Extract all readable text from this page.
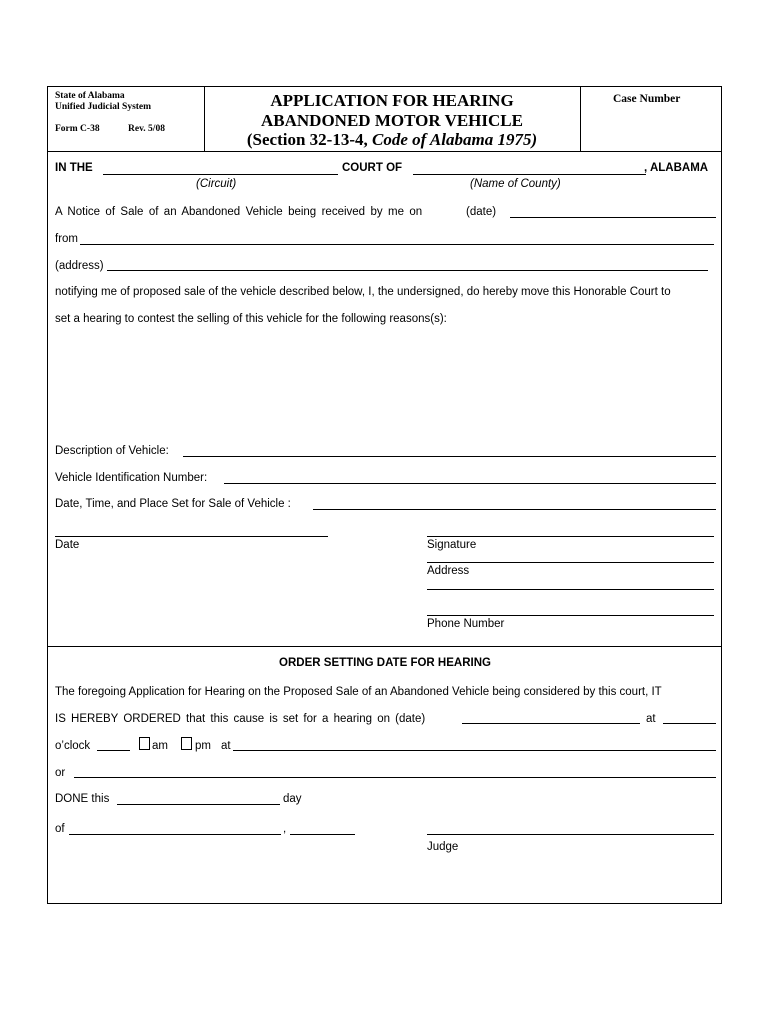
State of Alabama
Unified Judicial System
Form C-38	Rev. 5/08
APPLICATION FOR HEARING
ABANDONED MOTOR VEHICLE
(Section 32-13-4, Code of Alabama 1975)
Case Number
IN THE	COURT OF	, ALABAMA
(Circuit)	(Name of County)
A Notice of Sale of an Abandoned Vehicle being received by me on	(date)
from
(address)
notifying me of proposed sale of the vehicle described below, I, the undersigned, do hereby move this Honorable Court to
set a hearing to contest the selling of this vehicle for the following reasons(s):
Description of Vehicle:
Vehicle Identification Number:
Date, Time, and Place Set for Sale of Vehicle :
Date	Signature
Address
Phone Number
ORDER SETTING DATE FOR HEARING
The foregoing Application for Hearing on the Proposed Sale of an Abandoned Vehicle being considered by this court, IT
IS HEREBY ORDERED that this cause is set for a hearing on (date)	at
o’clock	am pm at
or
DONE this	day
of	,
Judge
